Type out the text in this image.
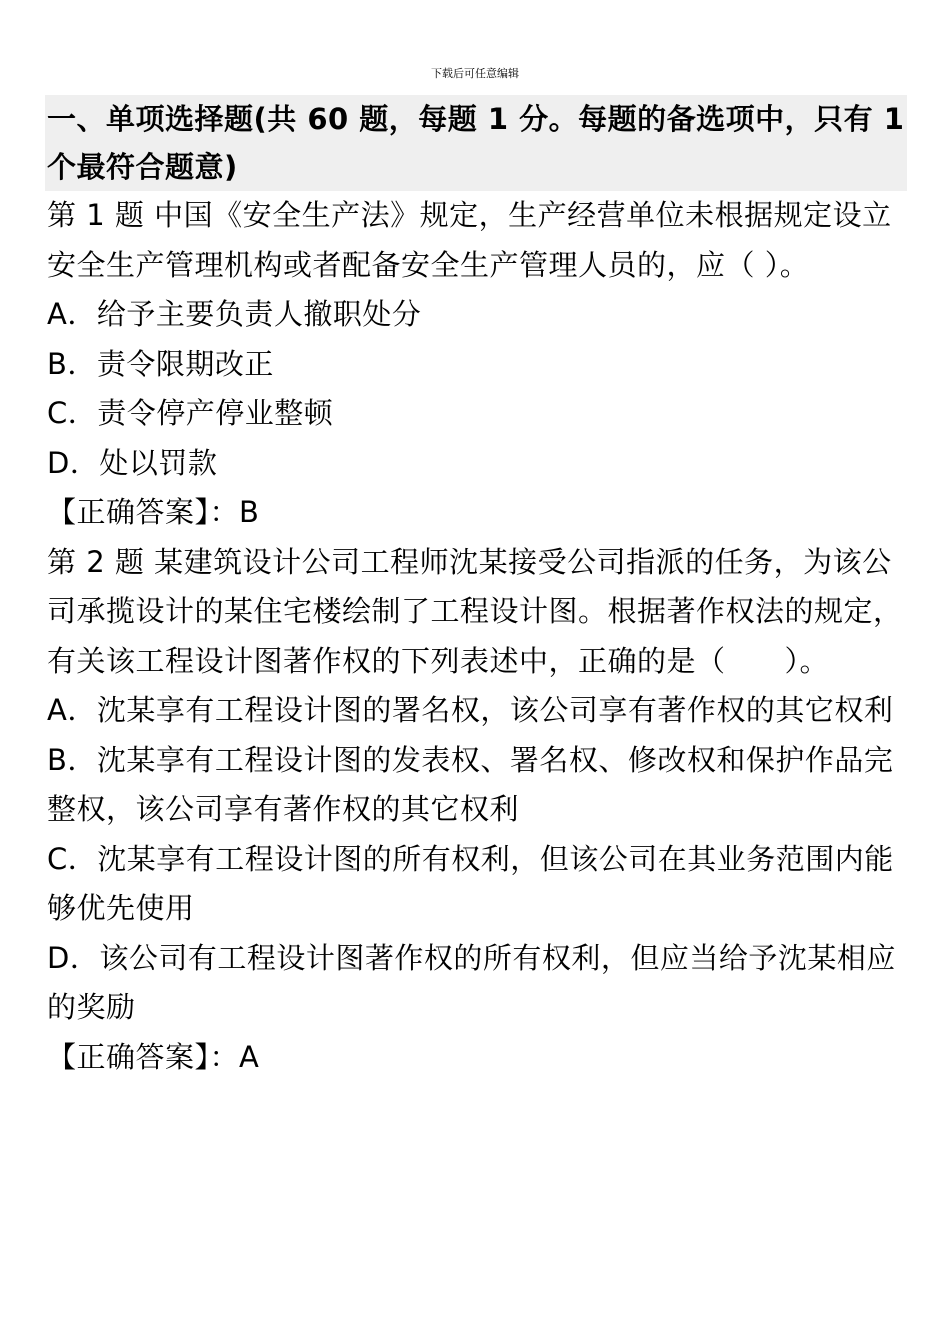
下载后可任意编辑

一、单项选择题(共 60 题，每题 1 分。每题的备选项中，只有 1 个最符合题意)

第 1 题 中国《安全生产法》规定，生产经营单位未根据规定设立安全生产管理机构或者配备安全生产管理人员的，应（ ）。

A．给予主要负责人撤职处分

B．责令限期改正

C．责令停产停业整顿

D．处以罚款

【正确答案】：B

第 2 题 某建筑设计公司工程师沈某接受公司指派的任务，为该公司承揽设计的某住宅楼绘制了工程设计图。根据著作权法的规定，有关该工程设计图著作权的下列表述中，正确的是（　　）。

A．沈某享有工程设计图的署名权，该公司享有著作权的其它权利

B．沈某享有工程设计图的发表权、署名权、修改权和保护作品完整权，该公司享有著作权的其它权利

C．沈某享有工程设计图的所有权利，但该公司在其业务范围内能够优先使用

D．该公司有工程设计图著作权的所有权利，但应当给予沈某相应的奖励

【正确答案】：A
